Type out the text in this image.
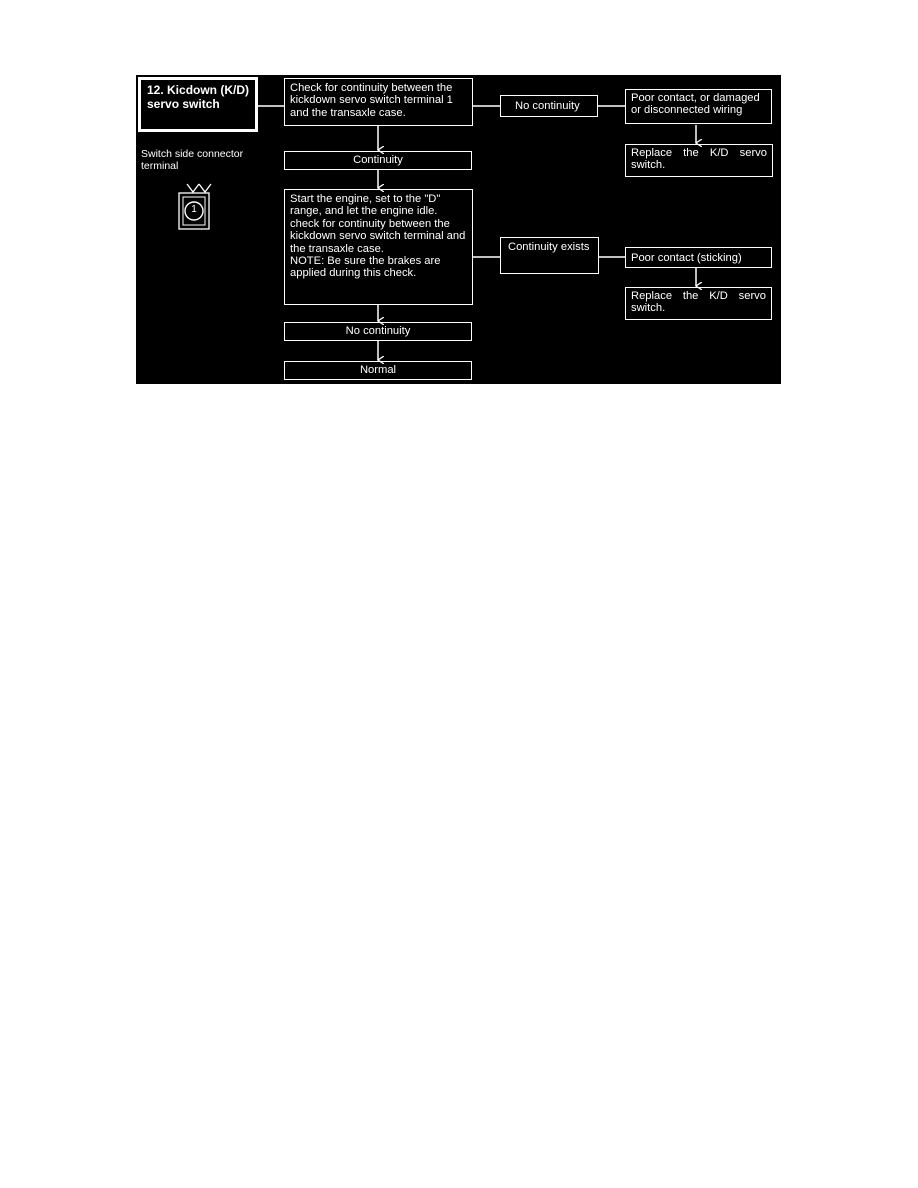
12. Kicdown (K/D) servo switch
Switch side connector terminal
1
Check for continuity between the kickdown servo switch terminal 1 and the transaxle case.
No continuity
Poor contact, or damaged or disconnected wiring
Replace the K/D servo switch.
Continuity
Start the engine, set to the "D" range, and let the engine idle. check for continuity between the kickdown servo switch terminal and the transaxle case.
NOTE: Be sure the brakes are applied during this check.
Continuity exists
Poor contact (sticking)
Replace the K/D servo switch.
No continuity
Normal
